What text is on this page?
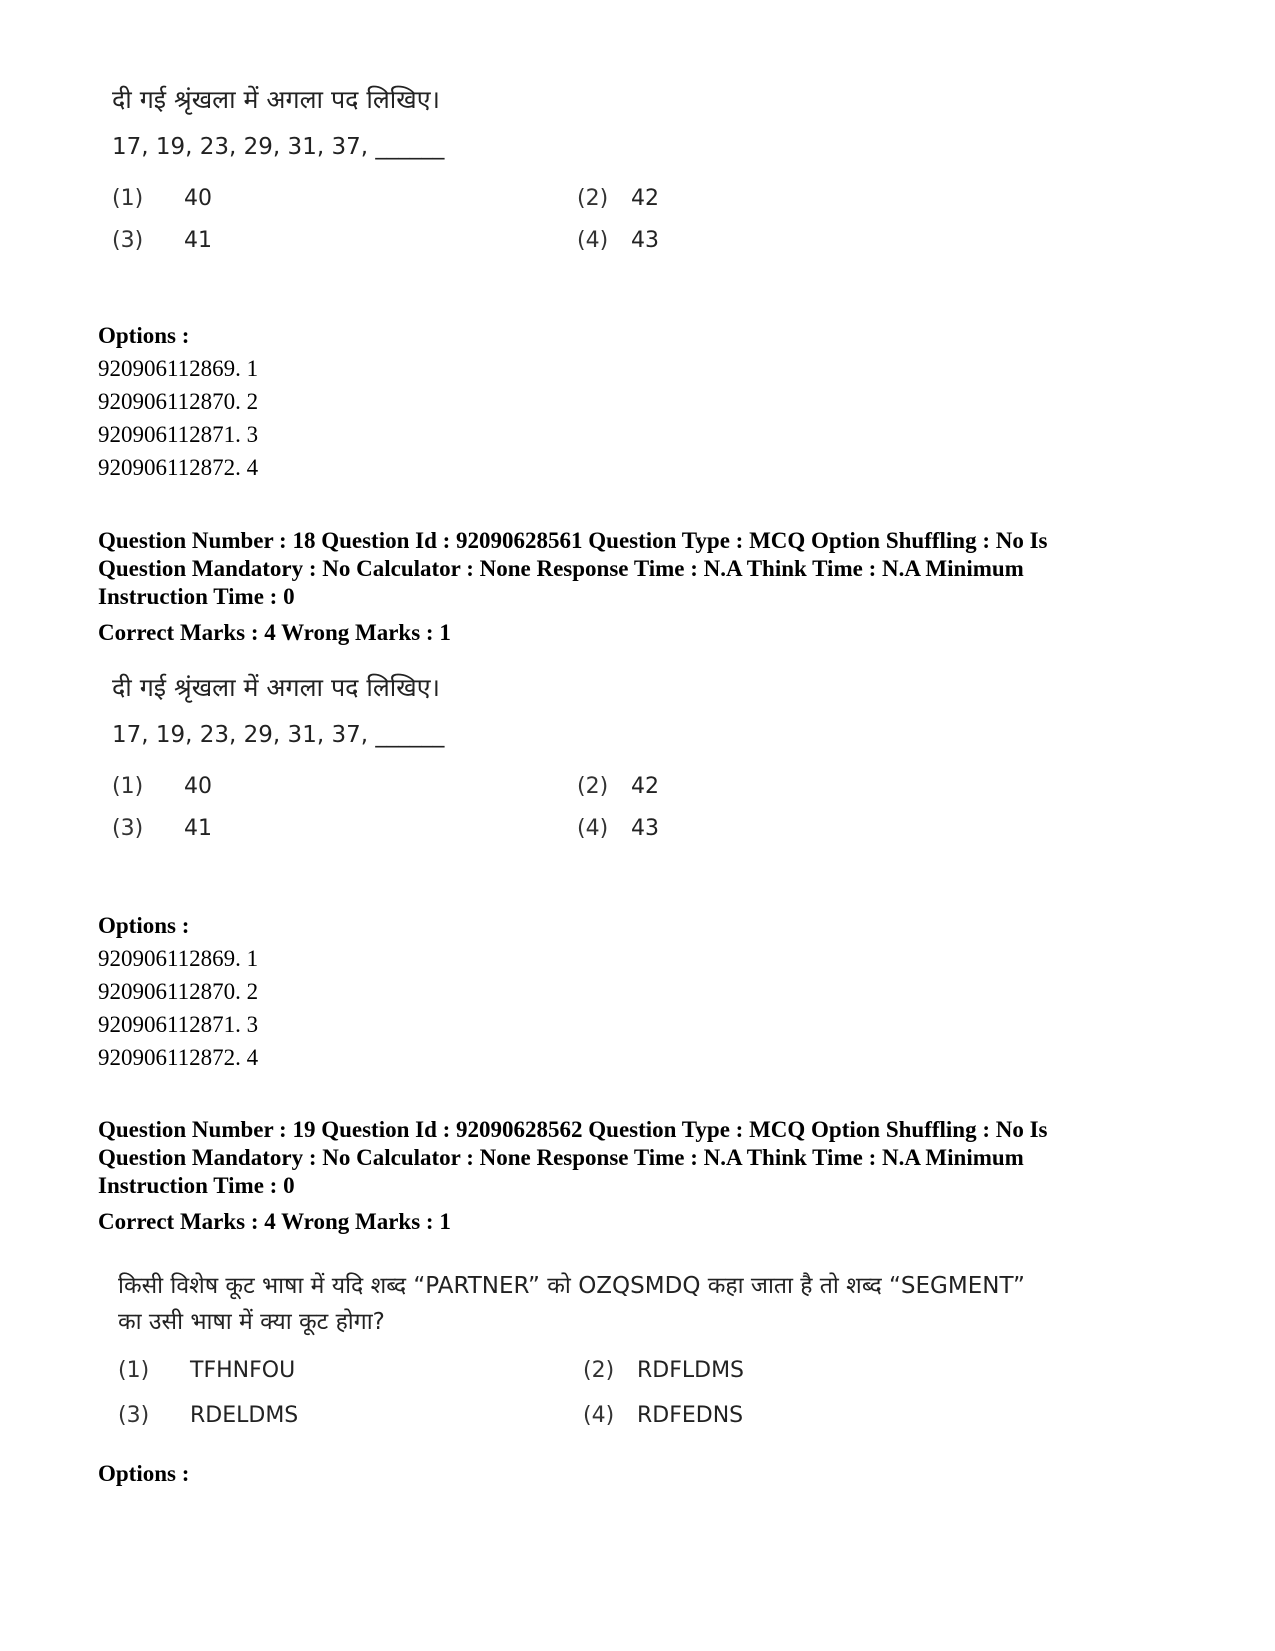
दी गई श्रृंखला में अगला पद लिखिए।
17, 19, 23, 29, 31, 37, ______
(1) 40	(2) 42
(3) 41	(4) 43
Options :
920906112869. 1
920906112870. 2
920906112871. 3
920906112872. 4
Question Number : 18 Question Id : 92090628561 Question Type : MCQ Option Shuffling : No Is
Question Mandatory : No Calculator : None Response Time : N.A Think Time : N.A Minimum
Instruction Time : 0
Correct Marks : 4 Wrong Marks : 1
दी गई श्रृंखला में अगला पद लिखिए।
17, 19, 23, 29, 31, 37, ______
(1) 40	(2) 42
(3) 41	(4) 43
Options :
920906112869. 1
920906112870. 2
920906112871. 3
920906112872. 4
Question Number : 19 Question Id : 92090628562 Question Type : MCQ Option Shuffling : No Is
Question Mandatory : No Calculator : None Response Time : N.A Think Time : N.A Minimum
Instruction Time : 0
Correct Marks : 4 Wrong Marks : 1
किसी विशेष कूट भाषा में यदि शब्द “PARTNER” को OZQSMDQ कहा जाता है तो शब्द “SEGMENT”
का उसी भाषा में क्या कूट होगा?
(1) TFHNFOU	(2) RDFLDMS
(3) RDELDMS	(4) RDFEDNS
Options :
